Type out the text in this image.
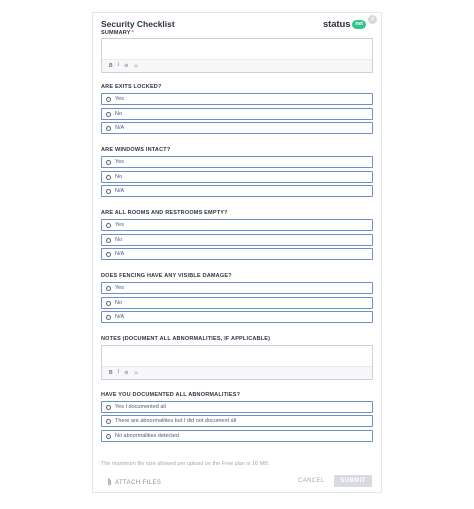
×
Security Checklist	status	net
SUMMARY*
B I ⊖ ☺
ARE EXITS LOCKED?
Yes
No
N/A
ARE WINDOWS INTACT?
Yes
No
N/A
ARE ALL ROOMS AND RESTROOMS EMPTY?
Yes
No
N/A
DOES FENCING HAVE ANY VISIBLE DAMAGE?
Yes
No
N/A
NOTES (DOCUMENT ALL ABNORMALITIES, IF APPLICABLE)
B I ⊖ ☺
HAVE YOU DOCUMENTED ALL ABNORMALITIES?
Yes I documented all
There are abnormalities but I did not document all
No abnormalities detected
The maximum file size allowed per upload on the Free plan is 10 MB.
ATTACH FILES	CANCEL	SUBMIT
